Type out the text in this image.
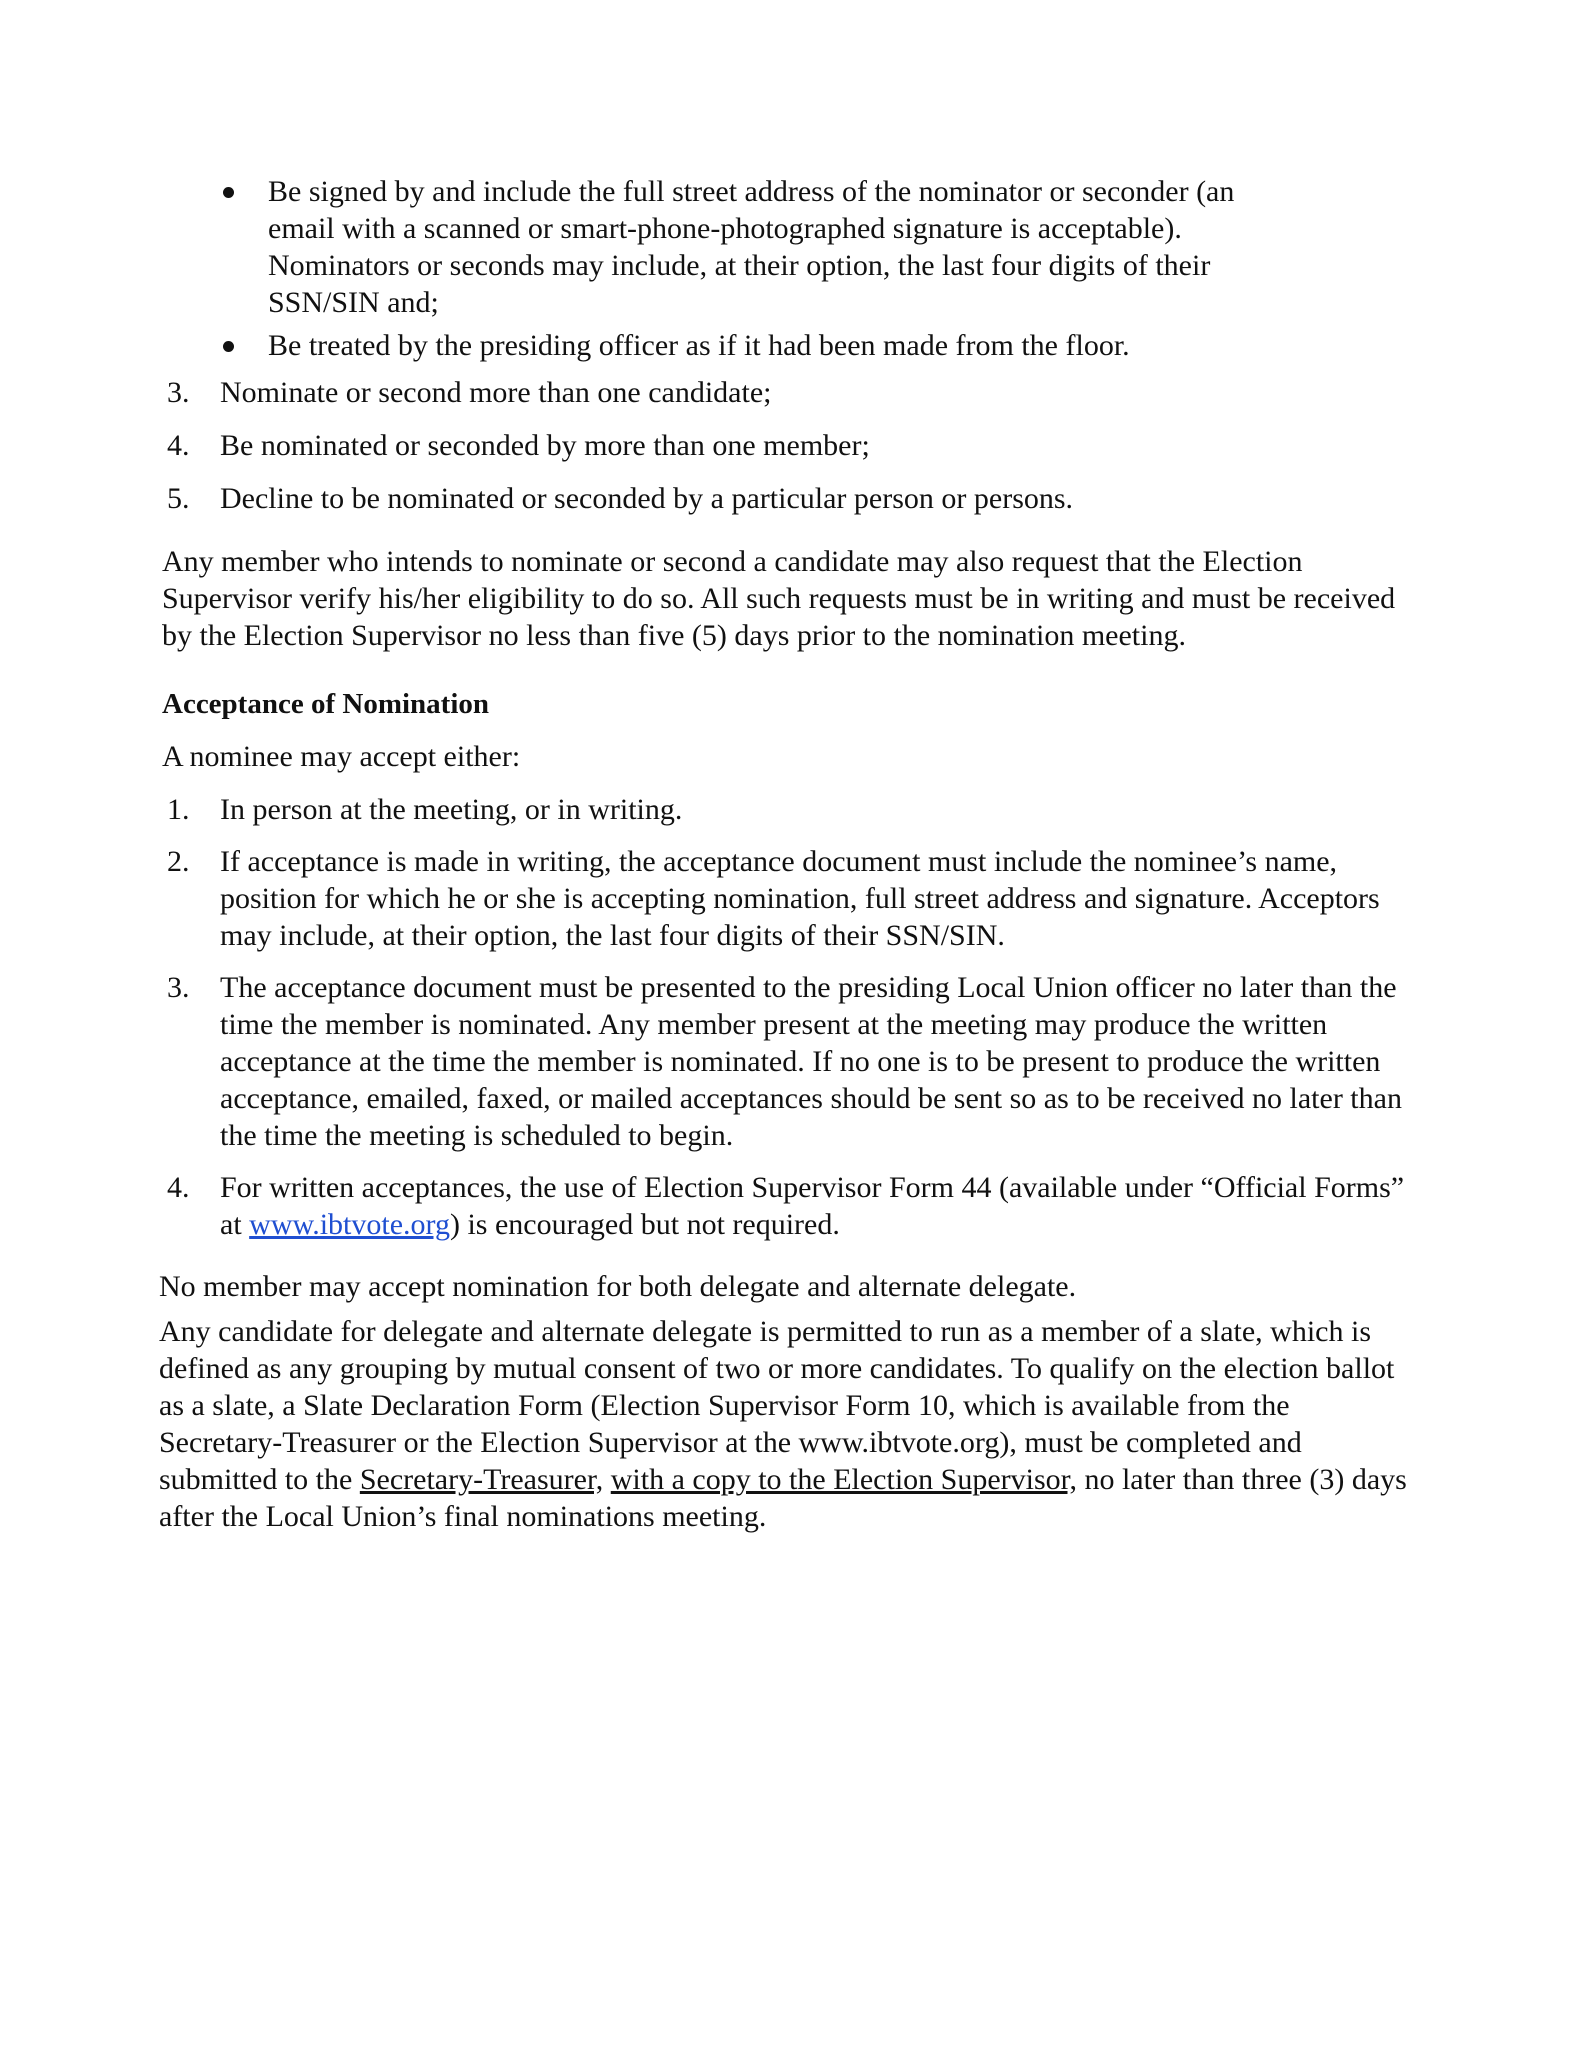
Be signed by and include the full street address of the nominator or seconder (an email with a scanned or smart-phone-photographed signature is acceptable). Nominators or seconds may include, at their option, the last four digits of their SSN/SIN and;
Be treated by the presiding officer as if it had been made from the floor.
3. Nominate or second more than one candidate;
4. Be nominated or seconded by more than one member;
5. Decline to be nominated or seconded by a particular person or persons.

Any member who intends to nominate or second a candidate may also request that the Election Supervisor verify his/her eligibility to do so. All such requests must be in writing and must be received by the Election Supervisor no less than five (5) days prior to the nomination meeting.

Acceptance of Nomination

A nominee may accept either:

1. In person at the meeting, or in writing.
2. If acceptance is made in writing, the acceptance document must include the nominee’s name, position for which he or she is accepting nomination, full street address and signature. Acceptors may include, at their option, the last four digits of their SSN/SIN.
3. The acceptance document must be presented to the presiding Local Union officer no later than the time the member is nominated. Any member present at the meeting may produce the written acceptance at the time the member is nominated. If no one is to be present to produce the written acceptance, emailed, faxed, or mailed acceptances should be sent so as to be received no later than the time the meeting is scheduled to begin.
4. For written acceptances, the use of Election Supervisor Form 44 (available under “Official Forms” at www.ibtvote.org) is encouraged but not required.

No member may accept nomination for both delegate and alternate delegate.

Any candidate for delegate and alternate delegate is permitted to run as a member of a slate, which is defined as any grouping by mutual consent of two or more candidates. To qualify on the election ballot as a slate, a Slate Declaration Form (Election Supervisor Form 10, which is available from the Secretary-Treasurer or the Election Supervisor at the www.ibtvote.org), must be completed and submitted to the Secretary-Treasurer, with a copy to the Election Supervisor, no later than three (3) days after the Local Union’s final nominations meeting.
